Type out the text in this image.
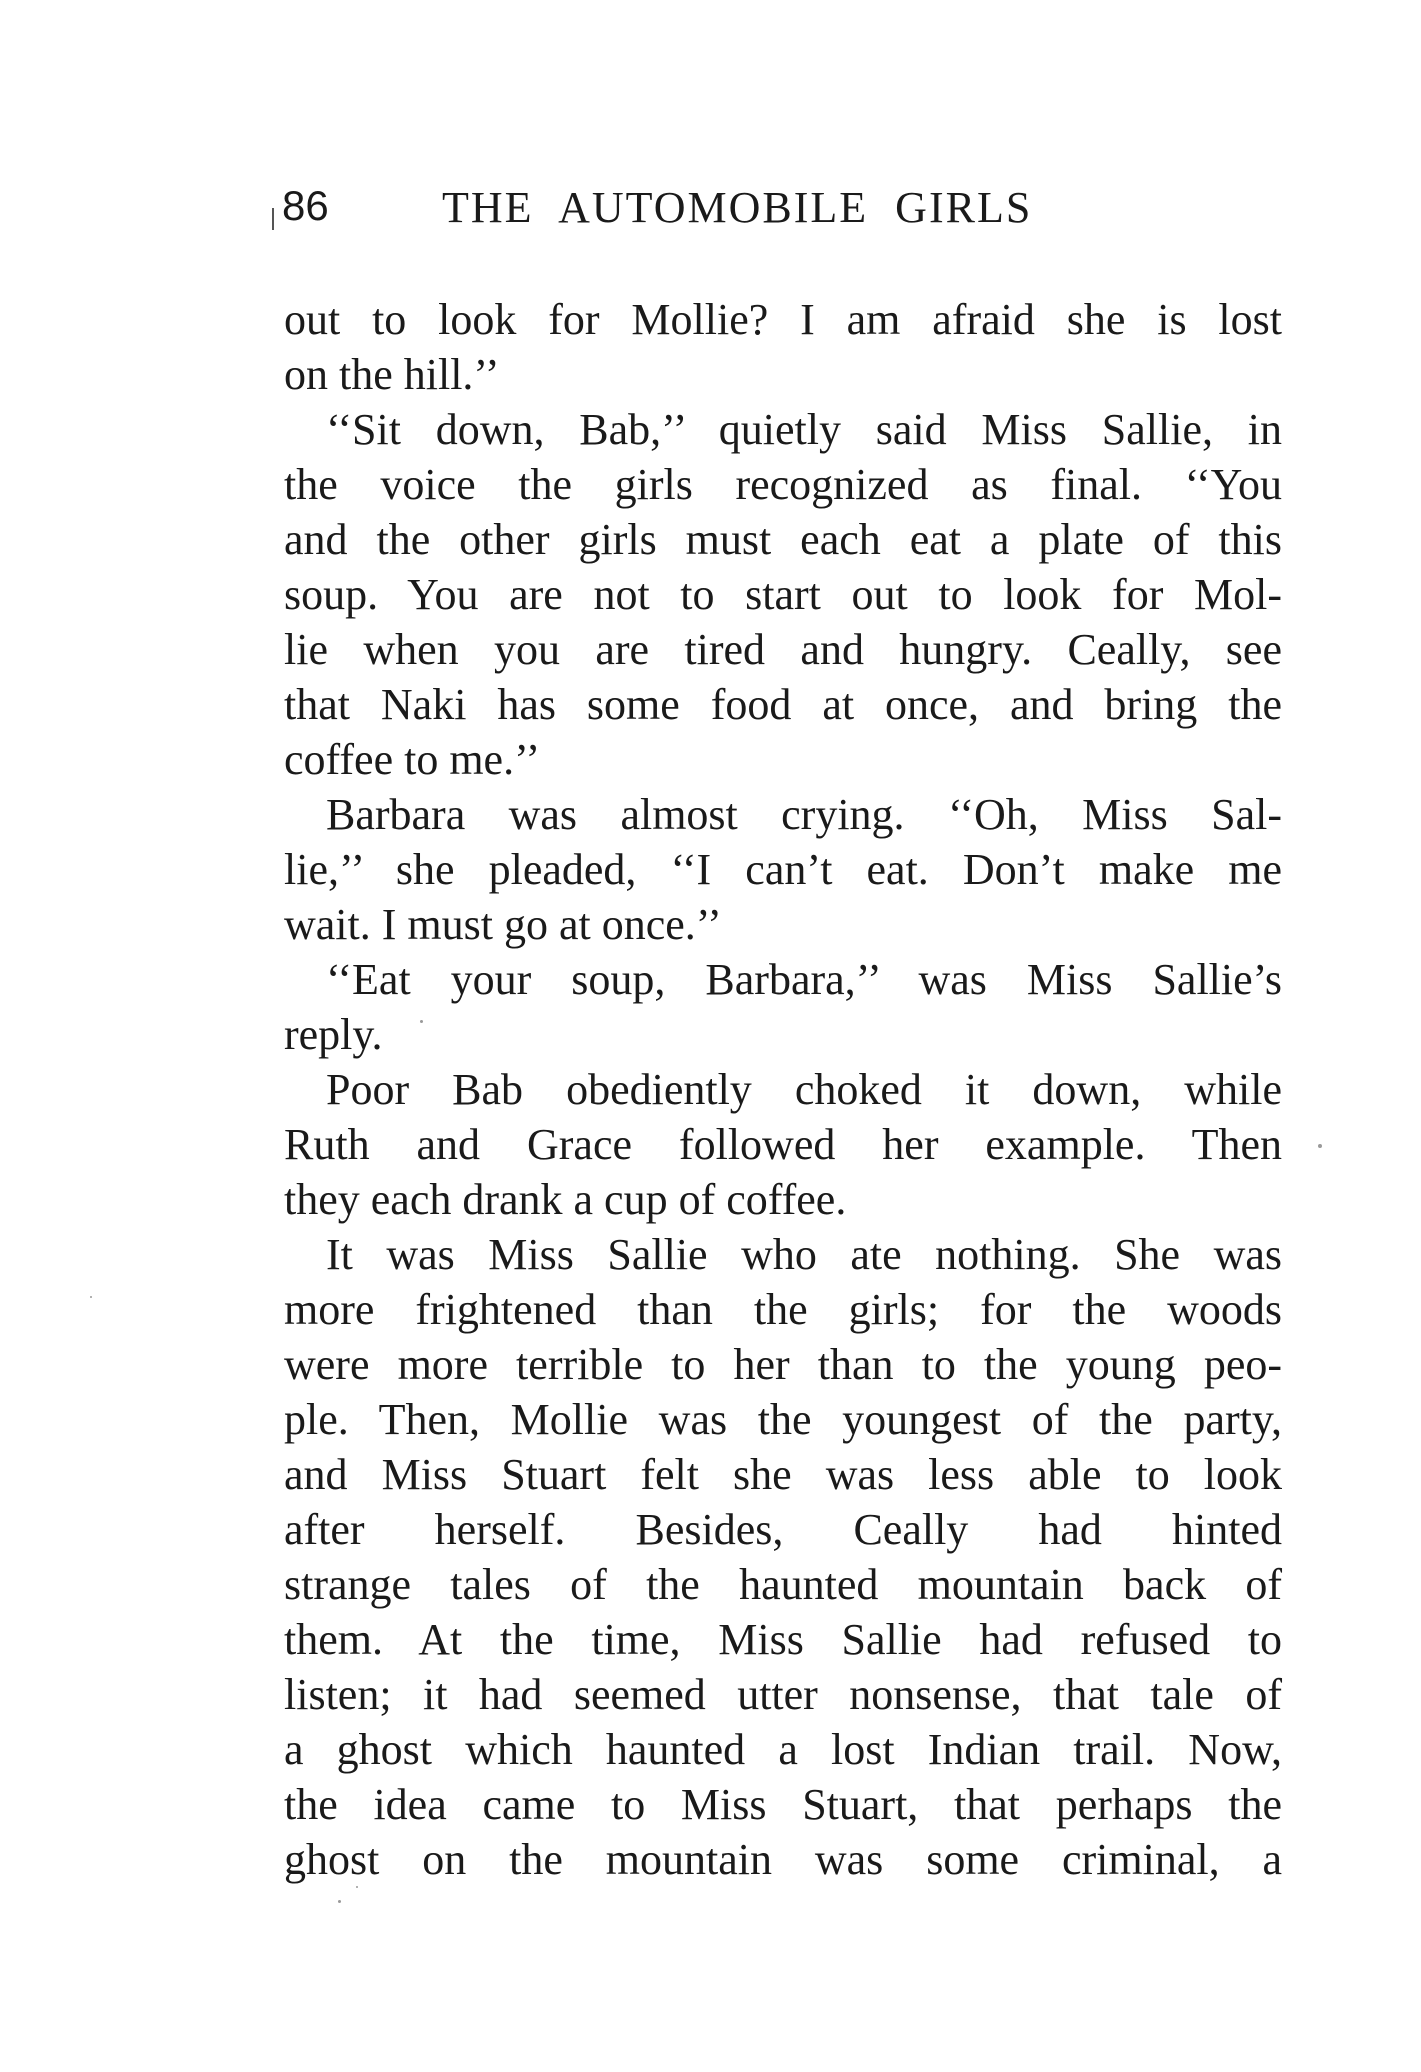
86	THE AUTOMOBILE GIRLS
out to look for Mollie? I am afraid she is lost
on the hill.’’
‘‘Sit down, Bab,’’ quietly said Miss Sallie, in
the voice the girls recognized as final. ‘‘You
and the other girls must each eat a plate of this
soup. You are not to start out to look for Mol-
lie when you are tired and hungry. Ceally, see
that Naki has some food at once, and bring the
coffee to me.’’
Barbara was almost crying. ‘‘Oh, Miss Sal-
lie,’’ she pleaded, ‘‘I can’t eat. Don’t make me
wait. I must go at once.’’
‘‘Eat your soup, Barbara,’’ was Miss Sallie’s
reply.
Poor Bab obediently choked it down, while
Ruth and Grace followed her example. Then
they each drank a cup of coffee.
It was Miss Sallie who ate nothing. She was
more frightened than the girls; for the woods
were more terrible to her than to the young peo-
ple. Then, Mollie was the youngest of the party,
and Miss Stuart felt she was less able to look
after herself. Besides, Ceally had hinted
strange tales of the haunted mountain back of
them. At the time, Miss Sallie had refused to
listen; it had seemed utter nonsense, that tale of
a ghost which haunted a lost Indian trail. Now,
the idea came to Miss Stuart, that perhaps the
ghost on the mountain was some criminal, a
